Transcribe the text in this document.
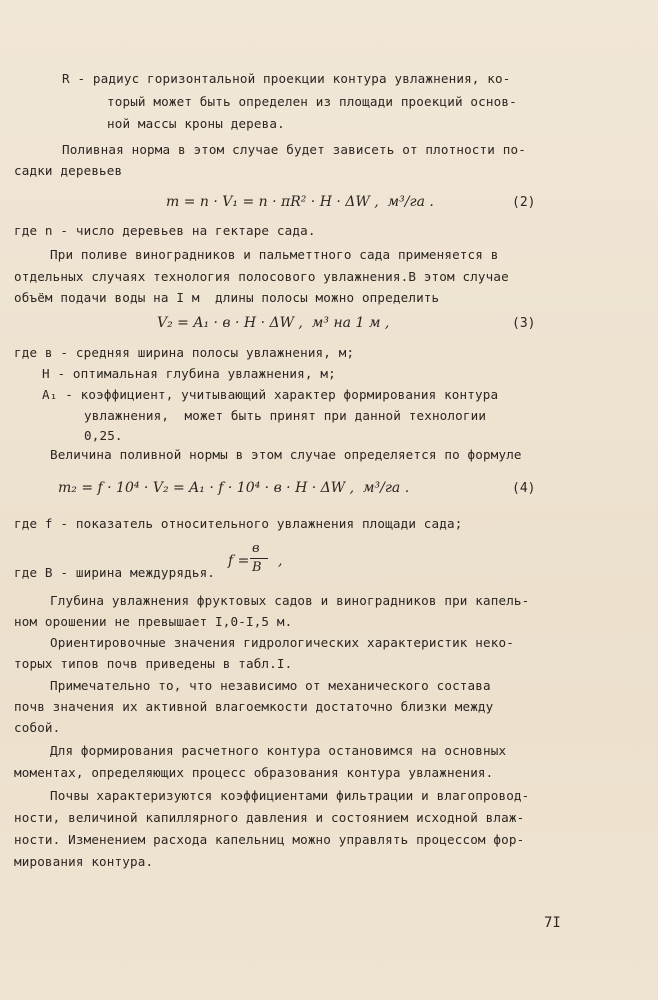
R - радиус горизонтальной проекции контура увлажнения, ко-
торый может быть определен из площади проекций основ-
ной массы кроны дерева.
Поливная норма в этом случае будет зависеть от плотности по-
садки деревьев
m = n · V₁ = n · πR² · H · ΔW ,  м³/га .	(2)
где n - число деревьев на гектаре сада.
При поливе виноградников и пальметтного сада применяется в
отдельных случаях технология полосового увлажнения.В этом случае
объём подачи воды на I м  длины полосы можно определить
V₂ = A₁ · в · H · ΔW ,  м³ на 1 м ,	(3)
где в - средняя ширина полосы увлажнения, м;
H - оптимальная глубина увлажнения, м;
A₁ - коэффициент, учитывающий характер формирования контура
увлажнения,  может быть принят при данной технологии
0,25.
Величина поливной нормы в этом случае определяется по формуле
m₂ = f · 10⁴ · V₂ = A₁ · f · 10⁴ · в · H · ΔW ,  м³/га .	(4)
где f - показатель относительного увлажнения площади сада;
f =
в
B ,
где B - ширина междурядья.
Глубина увлажнения фруктовых садов и виноградников при капель-
ном орошении не превышает I,0-I,5 м.
Ориентировочные значения гидрологических характеристик неко-
торых типов почв приведены в табл.I.
Примечательно то, что независимо от механического состава
почв значения их активной влагоемкости достаточно близки между
собой.
Для формирования расчетного контура остановимся на основных
моментах, определяющих процесс образования контура увлажнения.
Почвы характеризуются коэффициентами фильтрации и влагопровод-
ности, величиной капиллярного давления и состоянием исходной влаж-
ности. Изменением расхода капельниц можно управлять процессом фор-
мирования контура.
7I
